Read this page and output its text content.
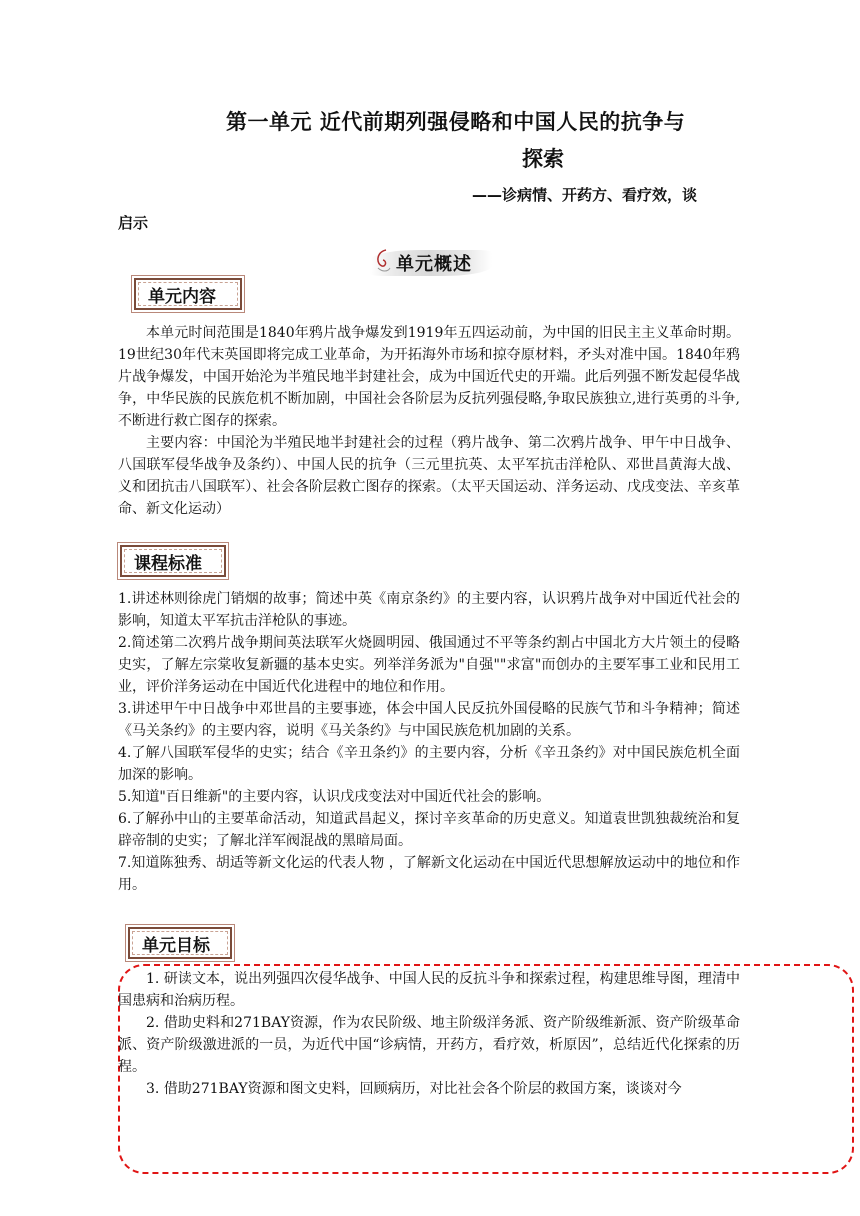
第一单元 近代前期列强侵略和中国人民的抗争与
探索
——诊病情、开药方、看疗效，谈
启示
单元概述
单元内容

本单元时间范围是1840年鸦片战争爆发到1919年五四运动前，为中国的旧民主主义革命时期。19世纪30年代末英国即将完成工业革命，为开拓海外市场和掠夺原材料，矛头对准中国。1840年鸦片战争爆发，中国开始沦为半殖民地半封建社会，成为中国近代史的开端。此后列强不断发起侵华战争，中华民族的民族危机不断加剧，中国社会各阶层为反抗列强侵略,争取民族独立,进行英勇的斗争,不断进行救亡图存的探索。

主要内容：中国沦为半殖民地半封建社会的过程（鸦片战争、第二次鸦片战争、甲午中日战争、八国联军侵华战争及条约）、中国人民的抗争（三元里抗英、太平军抗击洋枪队、邓世昌黄海大战、义和团抗击八国联军）、社会各阶层救亡图存的探索。（太平天国运动、洋务运动、戊戌变法、辛亥革命、新文化运动）

课程标准

1.讲述林则徐虎门销烟的故事；简述中英《南京条约》的主要内容，认识鸦片战争对中国近代社会的影响，知道太平军抗击洋枪队的事迹。

2.简述第二次鸦片战争期间英法联军火烧圆明园、俄国通过不平等条约割占中国北方大片领土的侵略史实，了解左宗棠收复新疆的基本史实。列举洋务派为"自强""求富"而创办的主要军事工业和民用工业，评价洋务运动在中国近代化进程中的地位和作用。

3.讲述甲午中日战争中邓世昌的主要事迹，体会中国人民反抗外国侵略的民族气节和斗争精神；简述《马关条约》的主要内容，说明《马关条约》与中国民族危机加剧的关系。

4.了解八国联军侵华的史实；结合《辛丑条约》的主要内容，分析《辛丑条约》对中国民族危机全面加深的影响。

5.知道"百日维新"的主要内容，认识戊戌变法对中国近代社会的影响。

6.了解孙中山的主要革命活动，知道武昌起义，探讨辛亥革命的历史意义。知道袁世凯独裁统治和复辟帝制的史实；了解北洋军阀混战的黑暗局面。

7.知道陈独秀、胡适等新文化运的代表人物 ，了解新文化运动在中国近代思想解放运动中的地位和作用。

单元目标

1. 研读文本，说出列强四次侵华战争、中国人民的反抗斗争和探索过程，构建思维导图，理清中国患病和治病历程。

2. 借助史料和271BAY资源，作为农民阶级、地主阶级洋务派、资产阶级维新派、资产阶级革命派、资产阶级激进派的一员，为近代中国“诊病情，开药方，看疗效，析原因”，总结近代化探索的历程。

3. 借助271BAY资源和图文史料，回顾病历，对比社会各个阶层的救国方案，谈谈对今
